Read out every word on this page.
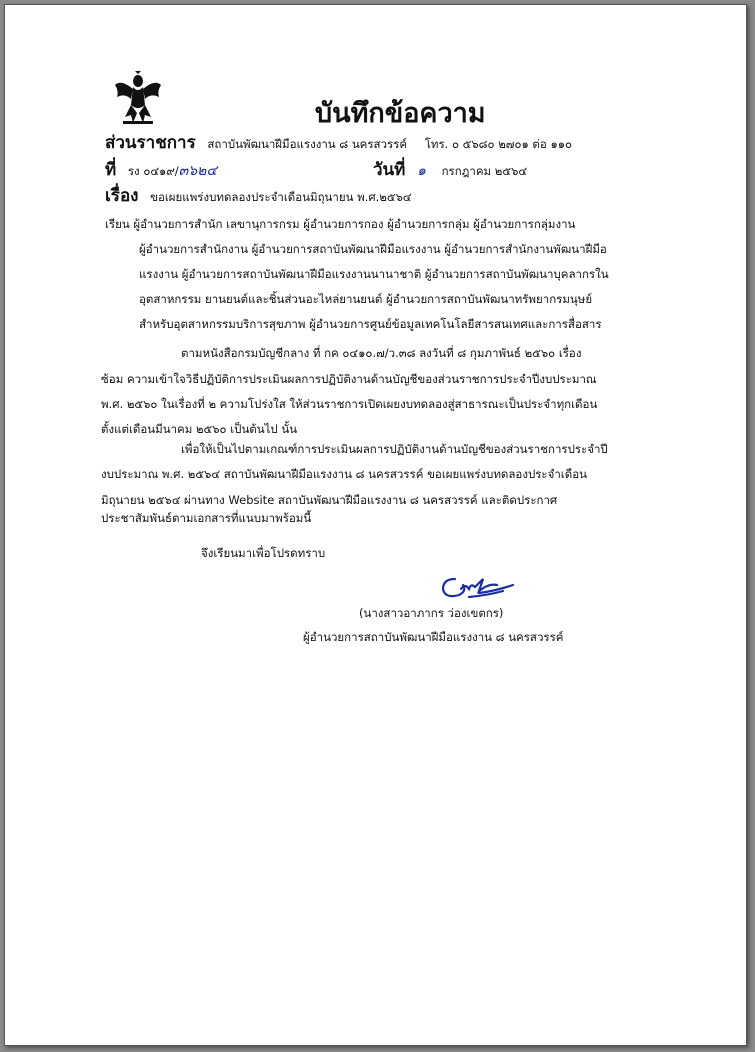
บันทึกข้อความ
ส่วนราชการ สถาบันพัฒนาฝีมือแรงงาน ๘ นครสวรรค์ โทร. ๐ ๕๖๘๐ ๒๗๐๑ ต่อ ๑๑๐
ที่ รง ๐๔๑๙/๓๖๒๔	วันที่ ๑ กรกฎาคม ๒๕๖๔
เรื่อง ขอเผยแพร่งบทดลองประจำเดือนมิถุนายน พ.ศ.๒๕๖๔
เรียน ผู้อำนวยการสำนัก เลขานุการกรม ผู้อำนวยการกอง ผู้อำนวยการกลุ่ม ผู้อำนวยการกลุ่มงาน
ผู้อำนวยการสำนักงาน ผู้อำนวยการสถาบันพัฒนาฝีมือแรงงาน ผู้อำนวยการสำนักงานพัฒนาฝีมือ
แรงงาน ผู้อำนวยการสถาบันพัฒนาฝีมือแรงงานนานาชาติ ผู้อำนวยการสถาบันพัฒนาบุคลากรใน
อุตสาหกรรม ยานยนต์และชิ้นส่วนอะไหล่ยานยนต์ ผู้อำนวยการสถาบันพัฒนาทรัพยากรมนุษย์
สำหรับอุตสาหกรรมบริการสุขภาพ ผู้อำนวยการศูนย์ข้อมูลเทคโนโลยีสารสนเทศและการสื่อสาร
ตามหนังสือกรมบัญชีกลาง ที่ กค ๐๔๑๐.๗/ว.๓๘ ลงวันที่ ๘ กุมภาพันธ์ ๒๕๖๐ เรื่อง
ซ้อม ความเข้าใจวิธีปฏิบัติการประเมินผลการปฏิบัติงานด้านบัญชีของส่วนราชการประจำปีงบประมาณ
พ.ศ. ๒๕๖๐ ในเรื่องที่ ๒ ความโปร่งใส ให้ส่วนราชการเปิดเผยงบทดลองสู่สาธารณะเป็นประจำทุกเดือน
ตั้งแต่เดือนมีนาคม ๒๕๖๐ เป็นต้นไป นั้น
เพื่อให้เป็นไปตามเกณฑ์การประเมินผลการปฏิบัติงานด้านบัญชีของส่วนราชการประจำปี
งบประมาณ พ.ศ. ๒๕๖๔ สถาบันพัฒนาฝีมือแรงงาน ๘ นครสวรรค์ ขอเผยแพร่งบทดลองประจำเดือน
มิถุนายน ๒๕๖๔ ผ่านทาง Website สถาบันพัฒนาฝีมือแรงงาน ๘ นครสวรรค์ และติดประกาศ
ประชาสัมพันธ์ตามเอกสารที่แนบมาพร้อมนี้
จึงเรียนมาเพื่อโปรดทราบ
(นางสาวอาภากร ว่องเขตกร)
ผู้อำนวยการสถาบันพัฒนาฝีมือแรงงาน ๘ นครสวรรค์
